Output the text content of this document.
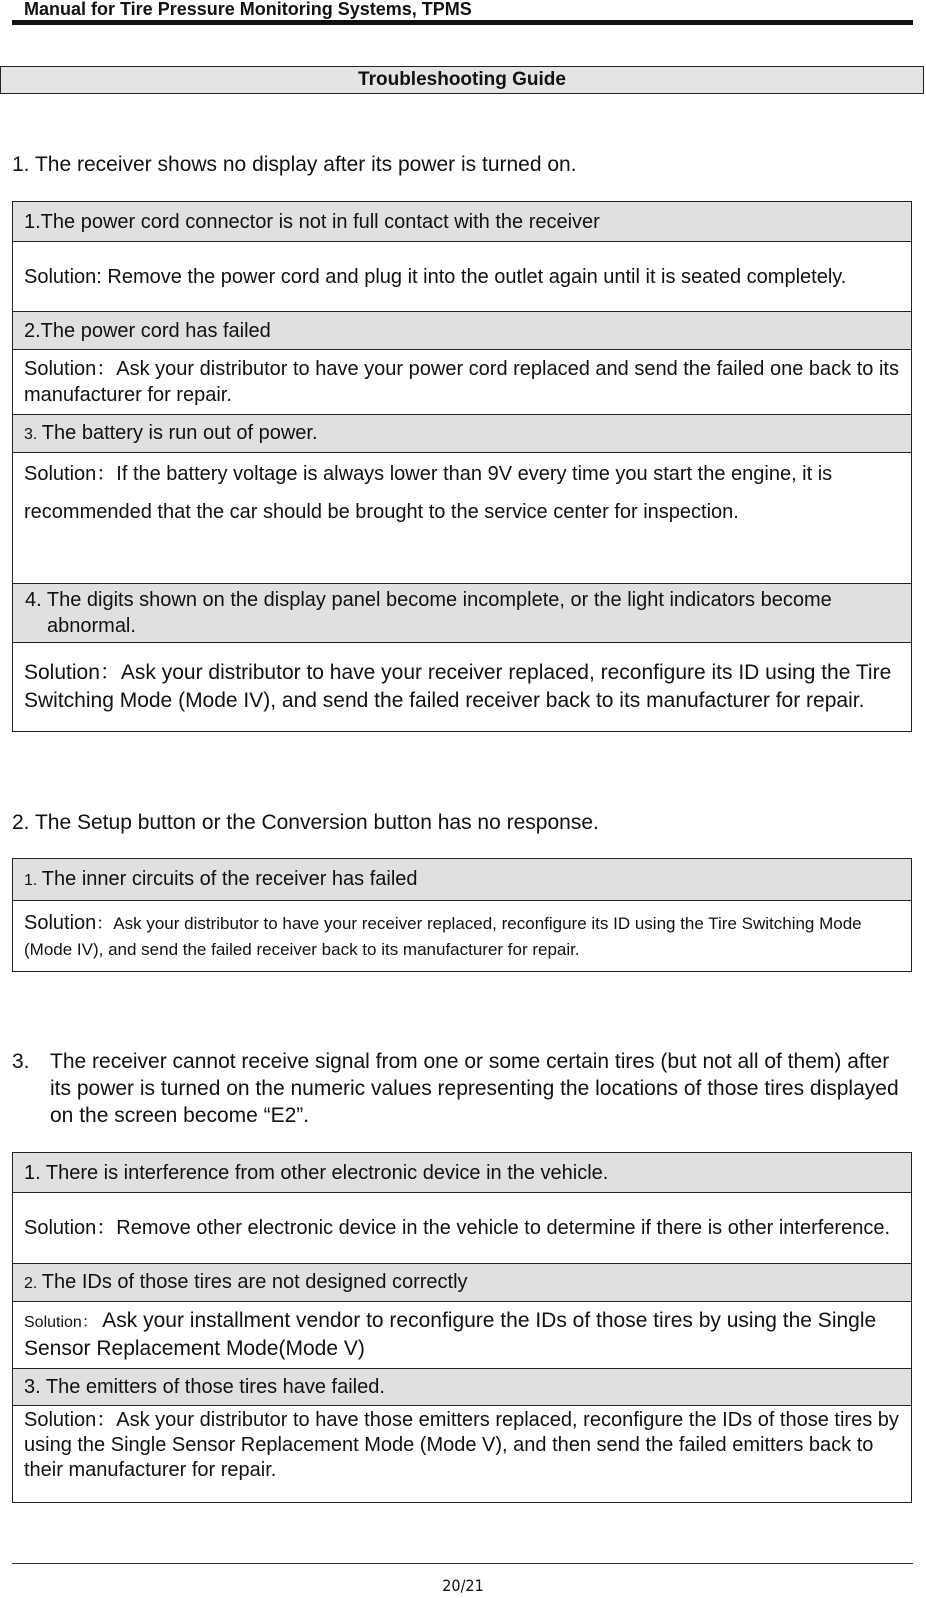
Manual for Tire Pressure Monitoring Systems, TPMS
Troubleshooting Guide
1. The receiver shows no display after its power is turned on.
1.The power cord connector is not in full contact with the receiver
Solution: Remove the power cord and plug it into the outlet again until it is seated completely.
2.The power cord has failed
Solution：Ask your distributor to have your power cord replaced and send the failed one back to its manufacturer for repair.
3. The battery is run out of power.
Solution：If the battery voltage is always lower than 9V every time you start the engine, it is recommended that the car should be brought to the service center for inspection.
4. The digits shown on the display panel become incomplete, or the light indicators become abnormal.
Solution：Ask your distributor to have your receiver replaced, reconfigure its ID using the Tire Switching Mode (Mode IV), and send the failed receiver back to its manufacturer for repair.
2. The Setup button or the Conversion button has no response.
1. The inner circuits of the receiver has failed
Solution：Ask your distributor to have your receiver replaced, reconfigure its ID using the Tire Switching Mode (Mode IV), and send the failed receiver back to its manufacturer for repair.
3. The receiver cannot receive signal from one or some certain tires (but not all of them) after its power is turned on the numeric values representing the locations of those tires displayed on the screen become “E2”.
1. There is interference from other electronic device in the vehicle.
Solution：Remove other electronic device in the vehicle to determine if there is other interference.
2. The IDs of those tires are not designed correctly
Solution： Ask your installment vendor to reconfigure the IDs of those tires by using the Single Sensor Replacement Mode(Mode V)
3. The emitters of those tires have failed.
Solution：Ask your distributor to have those emitters replaced, reconfigure the IDs of those tires by using the Single Sensor Replacement Mode (Mode V), and then send the failed emitters back to their manufacturer for repair.
20/21
